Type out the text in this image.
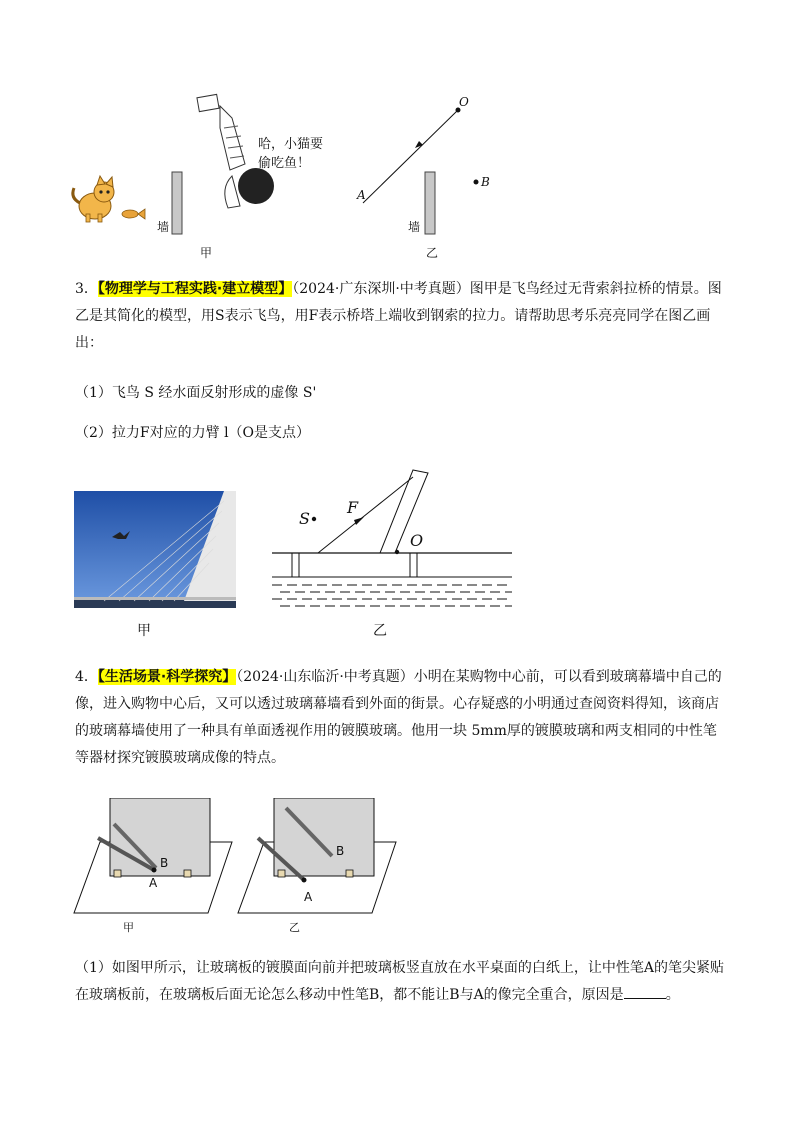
哈，小猫要
偷吃鱼！
墙
甲
O
B
A
墙
乙
3．【物理学与工程实践·建立模型】（2024·广东深圳·中考真题）图甲是飞鸟经过无背索斜拉桥的情景。图乙是其简化的模型，用S表示飞鸟，用F表示桥塔上端收到钢索的拉力。请帮助思考乐亮亮同学在图乙画出：
（1）飞鸟 S 经水面反射形成的虚像 S'
（2）拉力F对应的力臂 l（O是支点）
甲
S
F
O
乙
4．【生活场景·科学探究】（2024·山东临沂·中考真题）小明在某购物中心前，可以看到玻璃幕墙中自己的像，进入购物中心后，又可以透过玻璃幕墙看到外面的街景。心存疑惑的小明通过查阅资料得知，该商店的玻璃幕墙使用了一种具有单面透视作用的镀膜玻璃。他用一块 5mm厚的镀膜玻璃和两支相同的中性笔等器材探究镀膜玻璃成像的特点。
B
A
甲
B
A
乙
（1）如图甲所示，让玻璃板的镀膜面向前并把玻璃板竖直放在水平桌面的白纸上，让中性笔A的笔尖紧贴在玻璃板前，在玻璃板后面无论怎么移动中性笔B，都不能让B与A的像完全重合，原因是	。
